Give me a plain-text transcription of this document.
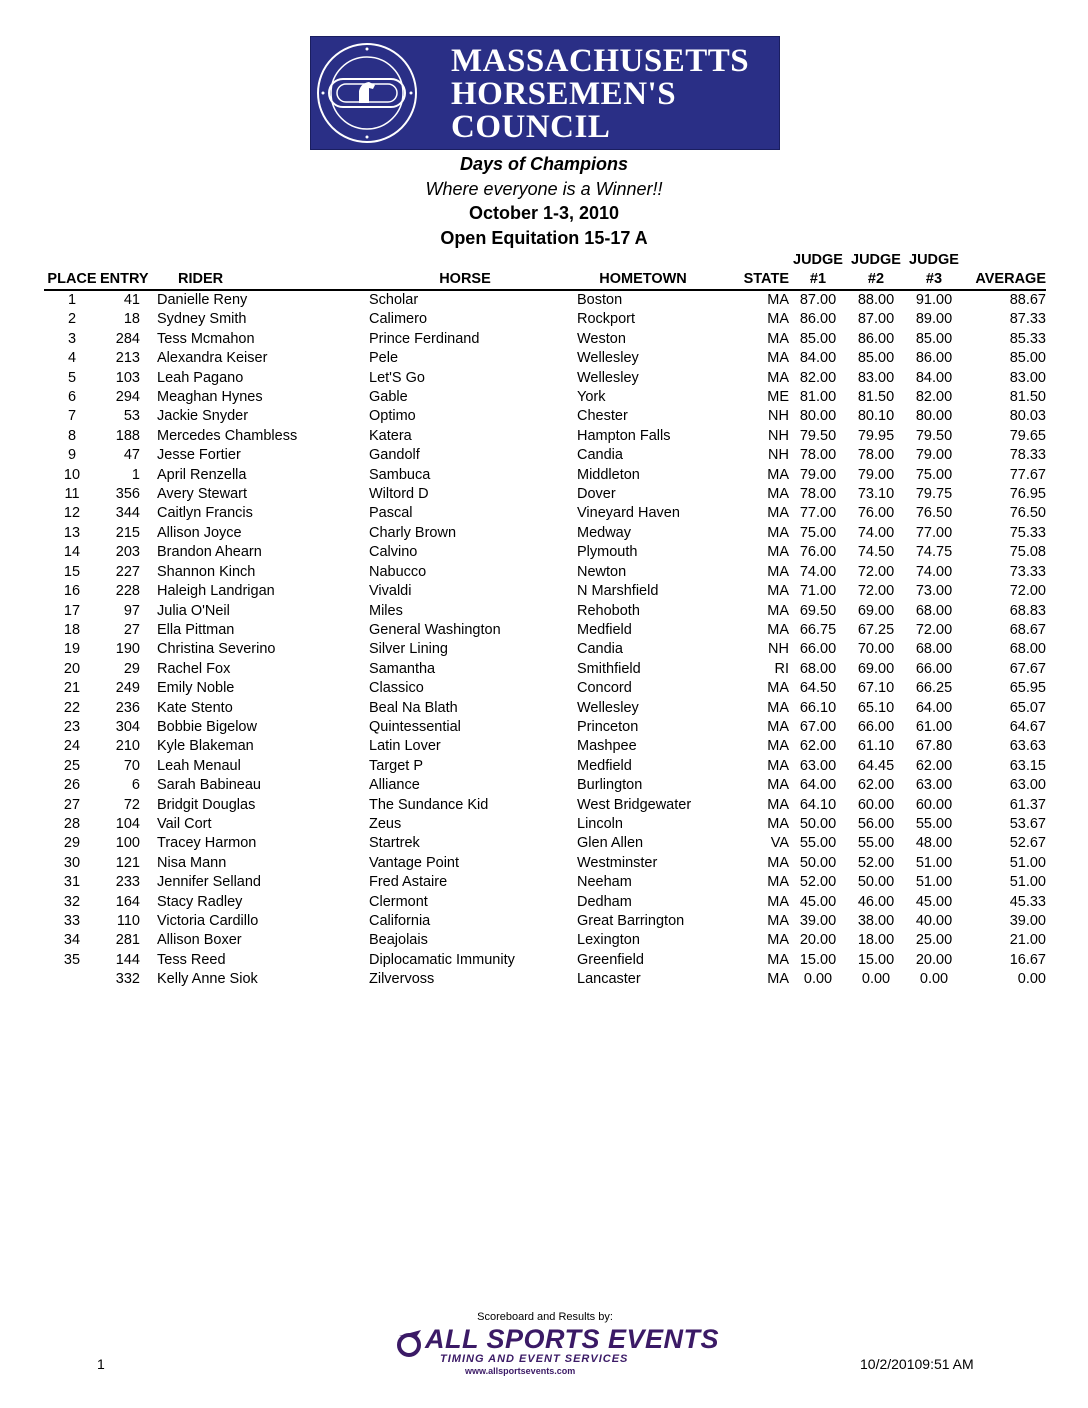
MASSACHUSETTS
HORSEMEN'S
COUNCIL
Days of Champions
Where everyone is a Winner!!
October 1-3, 2010
Open Equitation 15-17 A
						JUDGE	JUDGE	JUDGE	
PLACE	ENTRY	RIDER	HORSE	HOMETOWN	STATE	#1	#2	#3	AVERAGE
1	41	Danielle Reny	Scholar	Boston	MA	87.00	88.00	91.00	88.67
2	18	Sydney Smith	Calimero	Rockport	MA	86.00	87.00	89.00	87.33
3	284	Tess Mcmahon	Prince Ferdinand	Weston	MA	85.00	86.00	85.00	85.33
4	213	Alexandra Keiser	Pele	Wellesley	MA	84.00	85.00	86.00	85.00
5	103	Leah Pagano	Let'S Go	Wellesley	MA	82.00	83.00	84.00	83.00
6	294	Meaghan Hynes	Gable	York	ME	81.00	81.50	82.00	81.50
7	53	Jackie Snyder	Optimo	Chester	NH	80.00	80.10	80.00	80.03
8	188	Mercedes Chambless	Katera	Hampton Falls	NH	79.50	79.95	79.50	79.65
9	47	Jesse Fortier	Gandolf	Candia	NH	78.00	78.00	79.00	78.33
10	1	April Renzella	Sambuca	Middleton	MA	79.00	79.00	75.00	77.67
11	356	Avery Stewart	Wiltord D	Dover	MA	78.00	73.10	79.75	76.95
12	344	Caitlyn Francis	Pascal	Vineyard Haven	MA	77.00	76.00	76.50	76.50
13	215	Allison Joyce	Charly Brown	Medway	MA	75.00	74.00	77.00	75.33
14	203	Brandon Ahearn	Calvino	Plymouth	MA	76.00	74.50	74.75	75.08
15	227	Shannon Kinch	Nabucco	Newton	MA	74.00	72.00	74.00	73.33
16	228	Haleigh Landrigan	Vivaldi	N Marshfield	MA	71.00	72.00	73.00	72.00
17	97	Julia O'Neil	Miles	Rehoboth	MA	69.50	69.00	68.00	68.83
18	27	Ella Pittman	General Washington	Medfield	MA	66.75	67.25	72.00	68.67
19	190	Christina Severino	Silver Lining	Candia	NH	66.00	70.00	68.00	68.00
20	29	Rachel Fox	Samantha	Smithfield	RI	68.00	69.00	66.00	67.67
21	249	Emily Noble	Classico	Concord	MA	64.50	67.10	66.25	65.95
22	236	Kate Stento	Beal Na Blath	Wellesley	MA	66.10	65.10	64.00	65.07
23	304	Bobbie Bigelow	Quintessential	Princeton	MA	67.00	66.00	61.00	64.67
24	210	Kyle Blakeman	Latin Lover	Mashpee	MA	62.00	61.10	67.80	63.63
25	70	Leah Menaul	Target P	Medfield	MA	63.00	64.45	62.00	63.15
26	6	Sarah Babineau	Alliance	Burlington	MA	64.00	62.00	63.00	63.00
27	72	Bridgit Douglas	The Sundance Kid	West Bridgewater	MA	64.10	60.00	60.00	61.37
28	104	Vail Cort	Zeus	Lincoln	MA	50.00	56.00	55.00	53.67
29	100	Tracey Harmon	Startrek	Glen Allen	VA	55.00	55.00	48.00	52.67
30	121	Nisa Mann	Vantage Point	Westminster	MA	50.00	52.00	51.00	51.00
31	233	Jennifer Selland	Fred Astaire	Neeham	MA	52.00	50.00	51.00	51.00
32	164	Stacy Radley	Clermont	Dedham	MA	45.00	46.00	45.00	45.33
33	110	Victoria Cardillo	California	Great Barrington	MA	39.00	38.00	40.00	39.00
34	281	Allison Boxer	Beajolais	Lexington	MA	20.00	18.00	25.00	21.00
35	144	Tess Reed	Diplocamatic Immunity	Greenfield	MA	15.00	15.00	20.00	16.67
	332	Kelly Anne Siok	Zilvervoss	Lancaster	MA	0.00	0.00	0.00	0.00
Scoreboard and Results by:
ALL SPORTS EVENTS
TIMING AND EVENT SERVICES
www.allsportsevents.com
1	10/2/20109:51 AM
